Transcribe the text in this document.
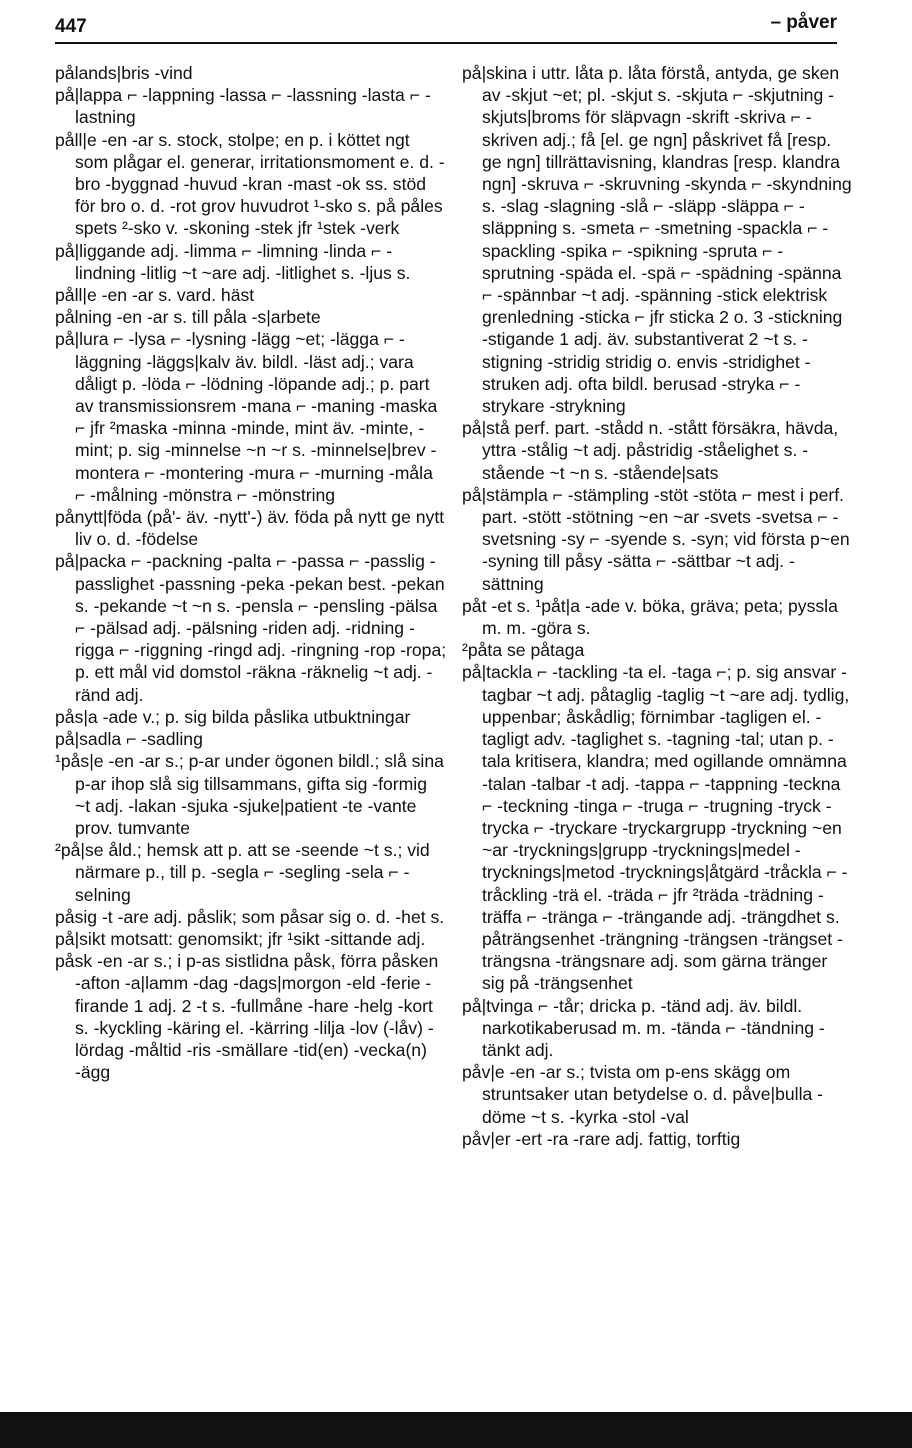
447	– påver

pålands|bris -vind

på|lappa ⌐ -lappning -lassa ⌐ -lassning -lasta ⌐ -lastning

påll|e -en -ar s. stock, stolpe; en p. i köttet ngt som plågar el. generar, irritationsmoment e. d. -bro -byggnad -huvud -kran -mast -ok ss. stöd för bro o. d. -rot grov huvudrot ¹-sko s. på påles spets ²-sko v. -skoning -stek jfr ¹stek -verk

på|liggande adj. -limma ⌐ -limning -linda ⌐ -lindning -litlig ~t ~are adj. -litlighet s. -ljus s.

påll|e -en -ar s. vard. häst

pålning -en -ar s. till påla -s|arbete

på|lura ⌐ -lysa ⌐ -lysning -lägg ~et; -lägga ⌐ -läggning -läggs|kalv äv. bildl. -läst adj.; vara dåligt p. -löda ⌐ -lödning -löpande adj.; p. part av transmissionsrem -mana ⌐ -maning -maska ⌐ jfr ²maska -minna -minde, mint äv. -minte, -mint; p. sig -minnelse ~n ~r s. -minnelse|brev -montera ⌐ -montering -mura ⌐ -murning -måla ⌐ -målning -mönstra ⌐ -mönstring

pånytt|föda (på'- äv. -nytt'-) äv. föda på nytt ge nytt liv o. d. -födelse

på|packa ⌐ -packning -palta ⌐ -passa ⌐ -passlig -passlighet -passning -peka -pekan best. -pekan s. -pekande ~t ~n s. -pensla ⌐ -pensling -pälsa ⌐ -pälsad adj. -pälsning -riden adj. -ridning -rigga ⌐ -riggning -ringd adj. -ringning -rop -ropa; p. ett mål vid domstol -räkna -räknelig ~t adj. -ränd adj.

pås|a -ade v.; p. sig bilda påslika utbuktningar

på|sadla ⌐ -sadling

¹pås|e -en -ar s.; p-ar under ögonen bildl.; slå sina p-ar ihop slå sig tillsammans, gifta sig -formig ~t adj. -lakan -sjuka -sjuke|patient -te -vante prov. tumvante

²på|se åld.; hemsk att p. att se -seende ~t s.; vid närmare p., till p. -segla ⌐ -segling -sela ⌐ -selning

påsig -t -are adj. påslik; som påsar sig o. d. -het s.

på|sikt motsatt: genomsikt; jfr ¹sikt -sittande adj.

påsk -en -ar s.; i p-as sistlidna påsk, förra påsken -afton -a|lamm -dag -dags|morgon -eld -ferie -firande 1 adj. 2 -t s. -fullmåne -hare -helg -kort s. -kyckling -käring el. -kärring -lilja -lov (-låv) -lördag -måltid -ris -smällare -tid(en) -vecka(n) -ägg

på|skina i uttr. låta p. låta förstå, antyda, ge sken av -skjut ~et; pl. -skjut s. -skjuta ⌐ -skjutning -skjuts|broms för släpvagn -skrift -skriva ⌐ -skriven adj.; få [el. ge ngn] påskrivet få [resp. ge ngn] tillrättavisning, klandras [resp. klandra ngn] -skruva ⌐ -skruvning -skynda ⌐ -skyndning s. -slag -slagning -slå ⌐ -släpp -släppa ⌐ -släppning s. -smeta ⌐ -smetning -spackla ⌐ -spackling -spika ⌐ -spikning -spruta ⌐ -sprutning -späda el. -spä ⌐ -spädning -spänna ⌐ -spännbar ~t adj. -spänning -stick elektrisk grenledning -sticka ⌐ jfr sticka 2 o. 3 -stickning -stigande 1 adj. äv. substantiverat 2 ~t s. -stigning -stridig stridig o. envis -stridighet -struken adj. ofta bildl. berusad -stryka ⌐ -strykare -strykning

på|stå perf. part. -stådd n. -stått försäkra, hävda, yttra -stålig ~t adj. påstridig -ståelighet s. -stående ~t ~n s. -stående|sats

på|stämpla ⌐ -stämpling -stöt -stöta ⌐ mest i perf. part. -stött -stötning ~en ~ar -svets -svetsa ⌐ -svetsning -sy ⌐ -syende s. -syn; vid första p~en -syning till påsy -sätta ⌐ -sättbar ~t adj. -sättning

påt -et s. ¹påt|a -ade v. böka, gräva; peta; pyssla m. m. -göra s.

²påta se påtaga

på|tackla ⌐ -tackling -ta el. -taga ⌐; p. sig ansvar -tagbar ~t adj. påtaglig -taglig ~t ~are adj. tydlig, uppenbar; åskådlig; förnimbar -tagligen el. -tagligt adv. -taglighet s. -tagning -tal; utan p. -tala kritisera, klandra; med ogillande omnämna -talan -talbar -t adj. -tappa ⌐ -tappning -teckna ⌐ -teckning -tinga ⌐ -truga ⌐ -trugning -tryck -trycka ⌐ -tryckare -tryckargrupp -tryckning ~en ~ar -trycknings|grupp -trycknings|medel -trycknings|metod -trycknings|åtgärd -tråckla ⌐ -tråckling -trä el. -träda ⌐ jfr ²träda -trädning -träffa ⌐ -tränga ⌐ -trängande adj. -trängdhet s. påträngsenhet -trängning -trängsen -trängset -trängsna -trängsnare adj. som gärna tränger sig på -trängsenhet

på|tvinga ⌐ -tår; dricka p. -tänd adj. äv. bildl. narkotikaberusad m. m. -tända ⌐ -tändning -tänkt adj.

påv|e -en -ar s.; tvista om p-ens skägg om struntsaker utan betydelse o. d. påve|bulla -döme ~t s. -kyrka -stol -val

påv|er -ert -ra -rare adj. fattig, torftig
